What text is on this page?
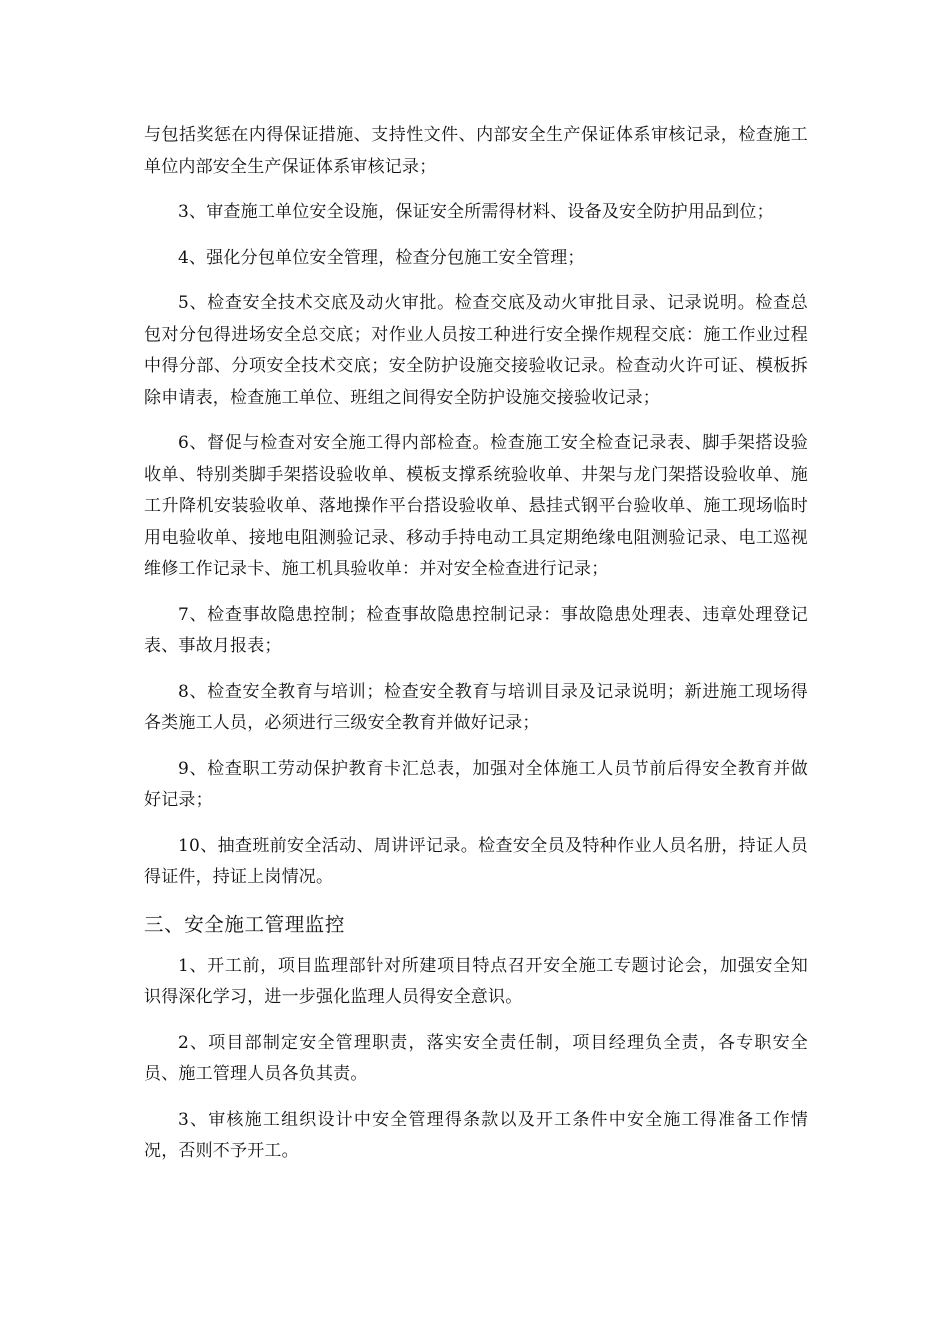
与包括奖惩在内得保证措施、支持性文件、内部安全生产保证体系审核记录，检查施工单位内部安全生产保证体系审核记录；

3、审查施工单位安全设施，保证安全所需得材料、设备及安全防护用品到位；

4、强化分包单位安全管理，检查分包施工安全管理；

5、检查安全技术交底及动火审批。检查交底及动火审批目录、记录说明。检查总包对分包得进场安全总交底；对作业人员按工种进行安全操作规程交底：施工作业过程中得分部、分项安全技术交底；安全防护设施交接验收记录。检查动火许可证、模板拆除申请表，检查施工单位、班组之间得安全防护设施交接验收记录；

6、督促与检查对安全施工得内部检查。检查施工安全检查记录表、脚手架搭设验收单、特别类脚手架搭设验收单、模板支撑系统验收单、井架与龙门架搭设验收单、施工升降机安装验收单、落地操作平台搭设验收单、悬挂式钢平台验收单、施工现场临时用电验收单、接地电阻测验记录、移动手持电动工具定期绝缘电阻测验记录、电工巡视维修工作记录卡、施工机具验收单：并对安全检查进行记录；

7、检查事故隐患控制；检查事故隐患控制记录：事故隐患处理表、违章处理登记表、事故月报表；

8、检查安全教育与培训；检查安全教育与培训目录及记录说明；新进施工现场得各类施工人员，必须进行三级安全教育并做好记录；

9、检查职工劳动保护教育卡汇总表，加强对全体施工人员节前后得安全教育并做好记录；

10、抽查班前安全活动、周讲评记录。检查安全员及特种作业人员名册，持证人员得证件，持证上岗情况。

三、安全施工管理监控

1、开工前，项目监理部针对所建项目特点召开安全施工专题讨论会，加强安全知识得深化学习，进一步强化监理人员得安全意识。

2、项目部制定安全管理职责，落实安全责任制，项目经理负全责，各专职安全员、施工管理人员各负其责。

3、审核施工组织设计中安全管理得条款以及开工条件中安全施工得准备工作情况，否则不予开工。
